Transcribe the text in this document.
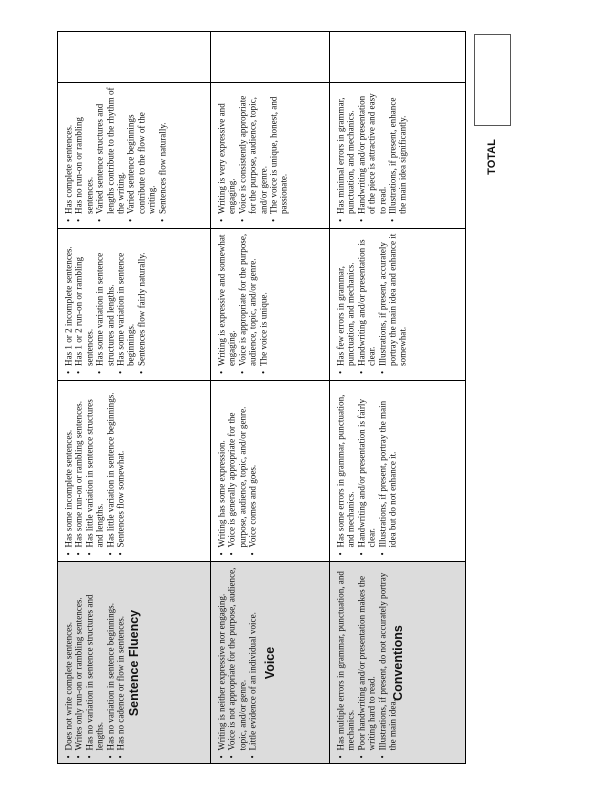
Sentence Fluency
• Does not write complete sentences. • Writes only run-on or rambling sentences. • Has no variation in sentence structures and lengths. • Has no variation in sentence beginnings. • Has no cadence or flow in sentences.
• Has some incomplete sentences. • Has some run-on or rambling sentences. • Has little variation in sentence structures and lengths. • Has little variation in sentence beginnings. • Sentences flow somewhat.
• Has 1 or 2 incomplete sentences. • Has 1 or 2 run-on or rambling sentences. • Has some variation in sentence structures and lengths. • Has some variation in sentence beginnings. • Sentences flow fairly naturally.
• Has complete sentences. • Has no run-on or rambling sentences. • Varied sentence structures and lengths contribute to the rhythm of the writing. • Varied sentence beginnings contribute to the flow of the writing. • Sentences flow naturally.
Voice
• Writing is neither expressive nor engaging. • Voice is not appropriate for the purpose, audience, topic, and/or genre. • Little evidence of an individual voice.
• Writing has some expression. • Voice is generally appropriate for the purpose, audience, topic, and/or genre. • Voice comes and goes.
• Writing is expressive and somewhat engaging. • Voice is appropriate for the purpose, audience, topic, and/or genre. • The voice is unique.
• Writing is very expressive and engaging. • Voice is consistently appropriate for the purpose, audience, topic, and/or genre. • The voice is unique, honest, and passionate.
Conventions
• Has multiple errors in grammar, punctuation, and mechanics. • Poor handwriting and/or presentation makes the writing hard to read. • Illustrations, if present, do not accurately portray the main idea.
• Has some errors in grammar, punctuation, and mechanics. • Handwriting and/or presentation is fairly clear. • Illustrations, if present, portray the main idea but do not enhance it.
• Has few errors in grammar, punctuation, and mechanics. • Handwriting and/or presentation is clear. • Illustrations, if present, accurately portray the main idea and enhance it somewhat.
• Has minimal errors in grammar, punctuation, and mechanics. • Handwriting and/or presentation of the piece is attractive and easy to read. • Illustrations, if present, enhance the main idea significantly.	TOTAL
